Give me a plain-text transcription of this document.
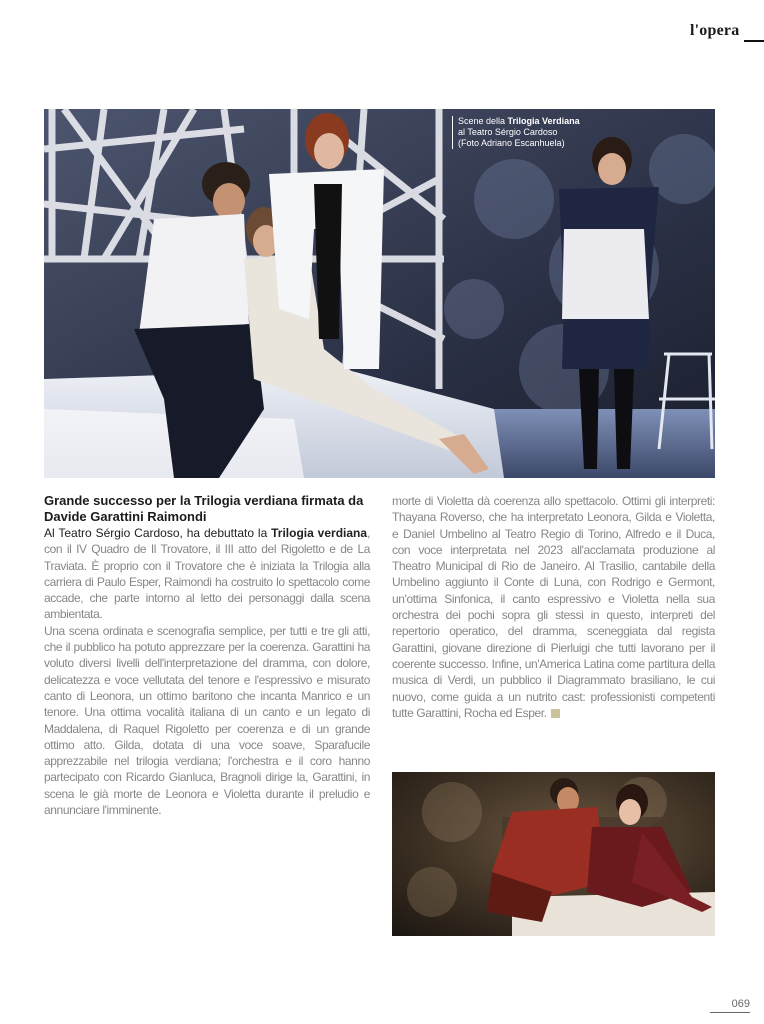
l'opera
Scene della Trilogia Verdiana
al Teatro Sérgio Cardoso
(Foto Adriano Escanhuela)
Grande successo per la Trilogia verdiana firmata da Davide Garattini Raimondi

Al Teatro Sérgio Cardoso, ha debuttato la Trilogia verdiana, con il IV Quadro de Il Trovatore, il III atto del Rigoletto e de La Traviata. È proprio con il Trovatore che è iniziata la Trilogia alla carriera di Paulo Esper, Raimondi ha costruito lo spettacolo come accade, che parte intorno al letto dei personaggi dalla scena ambientata.

Una scena ordinata e scenografia semplice, per tutti e tre gli atti, che il pubblico ha potuto apprezzare per la coerenza. Garattini ha voluto diversi livelli dell'interpretazione del dramma, con dolore, delicatezza e voce vellutata del tenore e l'espressivo e misurato canto di Leonora, un ottimo baritono che incanta Manrico e un tenore. Una ottima vocalità italiana di un canto e un legato di Maddalena, di Raquel Rigoletto per coerenza e di un grande ottimo atto. Gilda, dotata di una voce soave, Sparafucile apprezzabile nel trilogia verdiana; l'orchestra e il coro hanno partecipato con Ricardo Gianluca, Bragnoli dirige la, Garattini, in scena le già morte de Leonora e Violetta durante il preludio e annunciare l'imminente.

morte di Violetta dà coerenza allo spettacolo. Ottimi gli interpreti: Thayana Roverso, che ha interpretato Leonora, Gilda e Violetta, e Daniel Umbelino al Teatro Regio di Torino, Alfredo e il Duca, con voce interpretata nel 2023 all'acclamata produzione al Theatro Municipal di Rio de Janeiro. Al Trasilio, cantabile della Umbelino aggiunto il Conte di Luna, con Rodrigo e Germont, un'ottima Sinfonica, il canto espressivo e Violetta nella sua orchestra dei pochi sopra gli stessi in questo, interpreti del repertorio operatico, del dramma, sceneggiata dal regista Garattini, giovane direzione di Pierluigi che tutti lavorano per il coerente successo. Infine, un'America Latina come partitura della musica di Verdi, un pubblico il Diagrammato brasiliano, le cui nuovo, come guida a un nutrito cast: professionisti competenti tutte Garattini, Rocha ed Esper.

069
